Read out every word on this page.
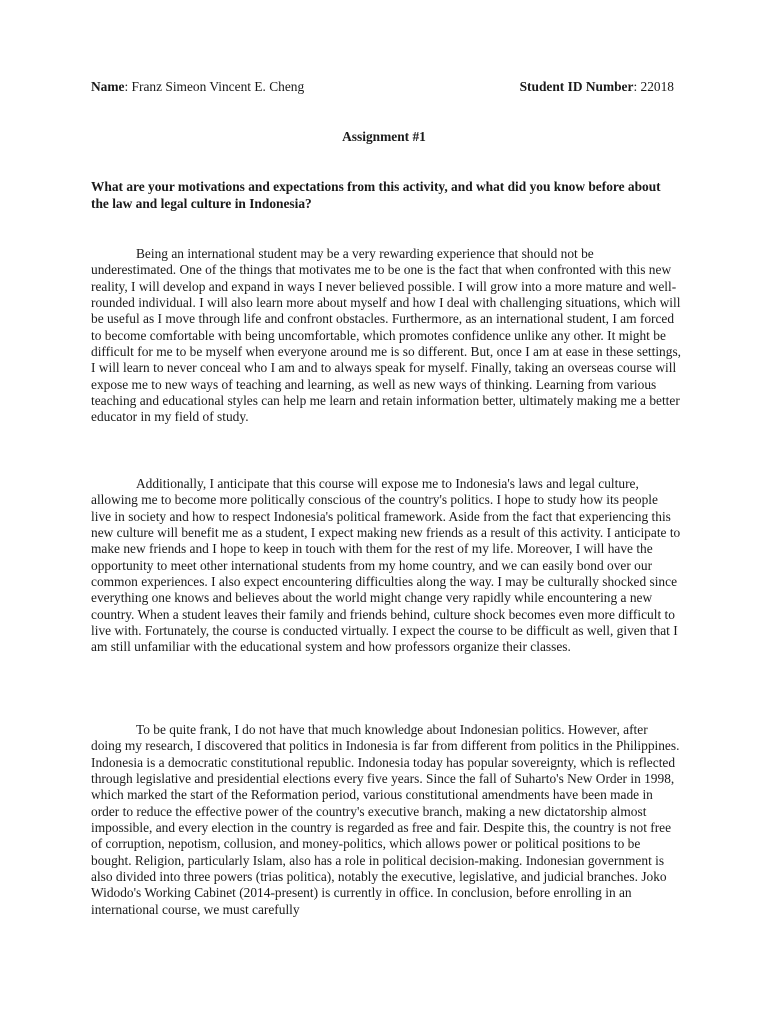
Name: Franz Simeon Vincent E. Cheng	Student ID Number: 22018
Assignment #1
What are your motivations and expectations from this activity, and what did you know before about the law and legal culture in Indonesia?

Being an international student may be a very rewarding experience that should not be underestimated. One of the things that motivates me to be one is the fact that when confronted with this new reality, I will develop and expand in ways I never believed possible. I will grow into a more mature and well-rounded individual. I will also learn more about myself and how I deal with challenging situations, which will be useful as I move through life and confront obstacles. Furthermore, as an international student, I am forced to become comfortable with being uncomfortable, which promotes confidence unlike any other. It might be difficult for me to be myself when everyone around me is so different. But, once I am at ease in these settings, I will learn to never conceal who I am and to always speak for myself. Finally, taking an overseas course will expose me to new ways of teaching and learning, as well as new ways of thinking. Learning from various teaching and educational styles can help me learn and retain information better, ultimately making me a better educator in my field of study.

Additionally, I anticipate that this course will expose me to Indonesia's laws and legal culture, allowing me to become more politically conscious of the country's politics. I hope to study how its people live in society and how to respect Indonesia's political framework. Aside from the fact that experiencing this new culture will benefit me as a student, I expect making new friends as a result of this activity. I anticipate to make new friends and I hope to keep in touch with them for the rest of my life. Moreover, I will have the opportunity to meet other international students from my home country, and we can easily bond over our common experiences. I also expect encountering difficulties along the way. I may be culturally shocked since everything one knows and believes about the world might change very rapidly while encountering a new country. When a student leaves their family and friends behind, culture shock becomes even more difficult to live with. Fortunately, the course is conducted virtually. I expect the course to be difficult as well, given that I am still unfamiliar with the educational system and how professors organize their classes.

To be quite frank, I do not have that much knowledge about Indonesian politics. However, after doing my research, I discovered that politics in Indonesia is far from different from politics in the Philippines. Indonesia is a democratic constitutional republic. Indonesia today has popular sovereignty, which is reflected through legislative and presidential elections every five years. Since the fall of Suharto's New Order in 1998, which marked the start of the Reformation period, various constitutional amendments have been made in order to reduce the effective power of the country's executive branch, making a new dictatorship almost impossible, and every election in the country is regarded as free and fair. Despite this, the country is not free of corruption, nepotism, collusion, and money-politics, which allows power or political positions to be bought. Religion, particularly Islam, also has a role in political decision-making. Indonesian government is also divided into three powers (trias politica), notably the executive, legislative, and judicial branches. Joko Widodo's Working Cabinet (2014-present) is currently in office. In conclusion, before enrolling in an international course, we must carefully
